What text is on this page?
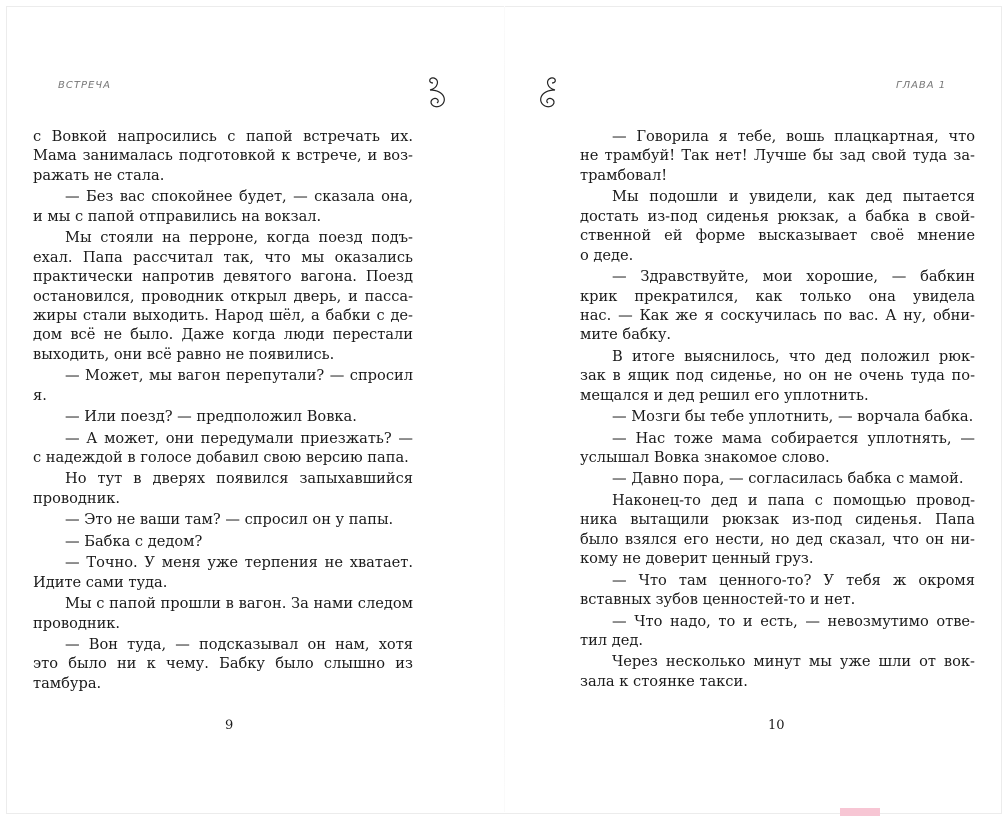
ВСТРЕЧА	ГЛАВА 1
с Вовкой напросились с папой встречать их.
Мама занималась подготовкой к встрече, и воз-
ражать не стала.
— Без вас спокойнее будет, — сказала она,
и мы с папой отправились на вокзал.
Мы стояли на перроне, когда поезд подъ-
ехал. Папа рассчитал так, что мы оказались
практически напротив девятого вагона. Поезд
остановился, проводник открыл дверь, и пасса-
жиры стали выходить. Народ шёл, а бабки с де-
дом всё не было. Даже когда люди перестали
выходить, они всё равно не появились.
— Может, мы вагон перепутали? — спросил
я.
— Или поезд? — предположил Вовка.
— А может, они передумали приезжать? —
с надеждой в голосе добавил свою версию папа.
Но тут в дверях появился запыхавшийся
проводник.
— Это не ваши там? — спросил он у папы.
— Бабка с дедом?
— Точно. У меня уже терпения не хватает.
Идите сами туда.
Мы с папой прошли в вагон. За нами следом
проводник.
— Вон туда, — подсказывал он нам, хотя
это было ни к чему. Бабку было слышно из
тамбура.
— Говорила я тебе, вошь плацкартная, что
не трамбуй! Так нет! Лучше бы зад свой туда за-
трамбовал!
Мы подошли и увидели, как дед пытается
достать из-под сиденья рюкзак, а бабка в свой-
ственной ей форме высказывает своё мнение
о деде.
— Здравствуйте, мои хорошие, — бабкин
крик прекратился, как только она увидела
нас. — Как же я соскучилась по вас. А ну, обни-
мите бабку.
В итоге выяснилось, что дед положил рюк-
зак в ящик под сиденье, но он не очень туда по-
мещался и дед решил его уплотнить.
— Мозги бы тебе уплотнить, — ворчала бабка.
— Нас тоже мама собирается уплотнять, —
услышал Вовка знакомое слово.
— Давно пора, — согласилась бабка с мамой.
Наконец-то дед и папа с помощью провод-
ника вытащили рюкзак из-под сиденья. Папа
было взялся его нести, но дед сказал, что он ни-
кому не доверит ценный груз.
— Что там ценного-то? У тебя ж окромя
вставных зубов ценностей-то и нет.
— Что надо, то и есть, — невозмутимо отве-
тил дед.
Через несколько минут мы уже шли от вок-
зала к стоянке такси.
9	10
